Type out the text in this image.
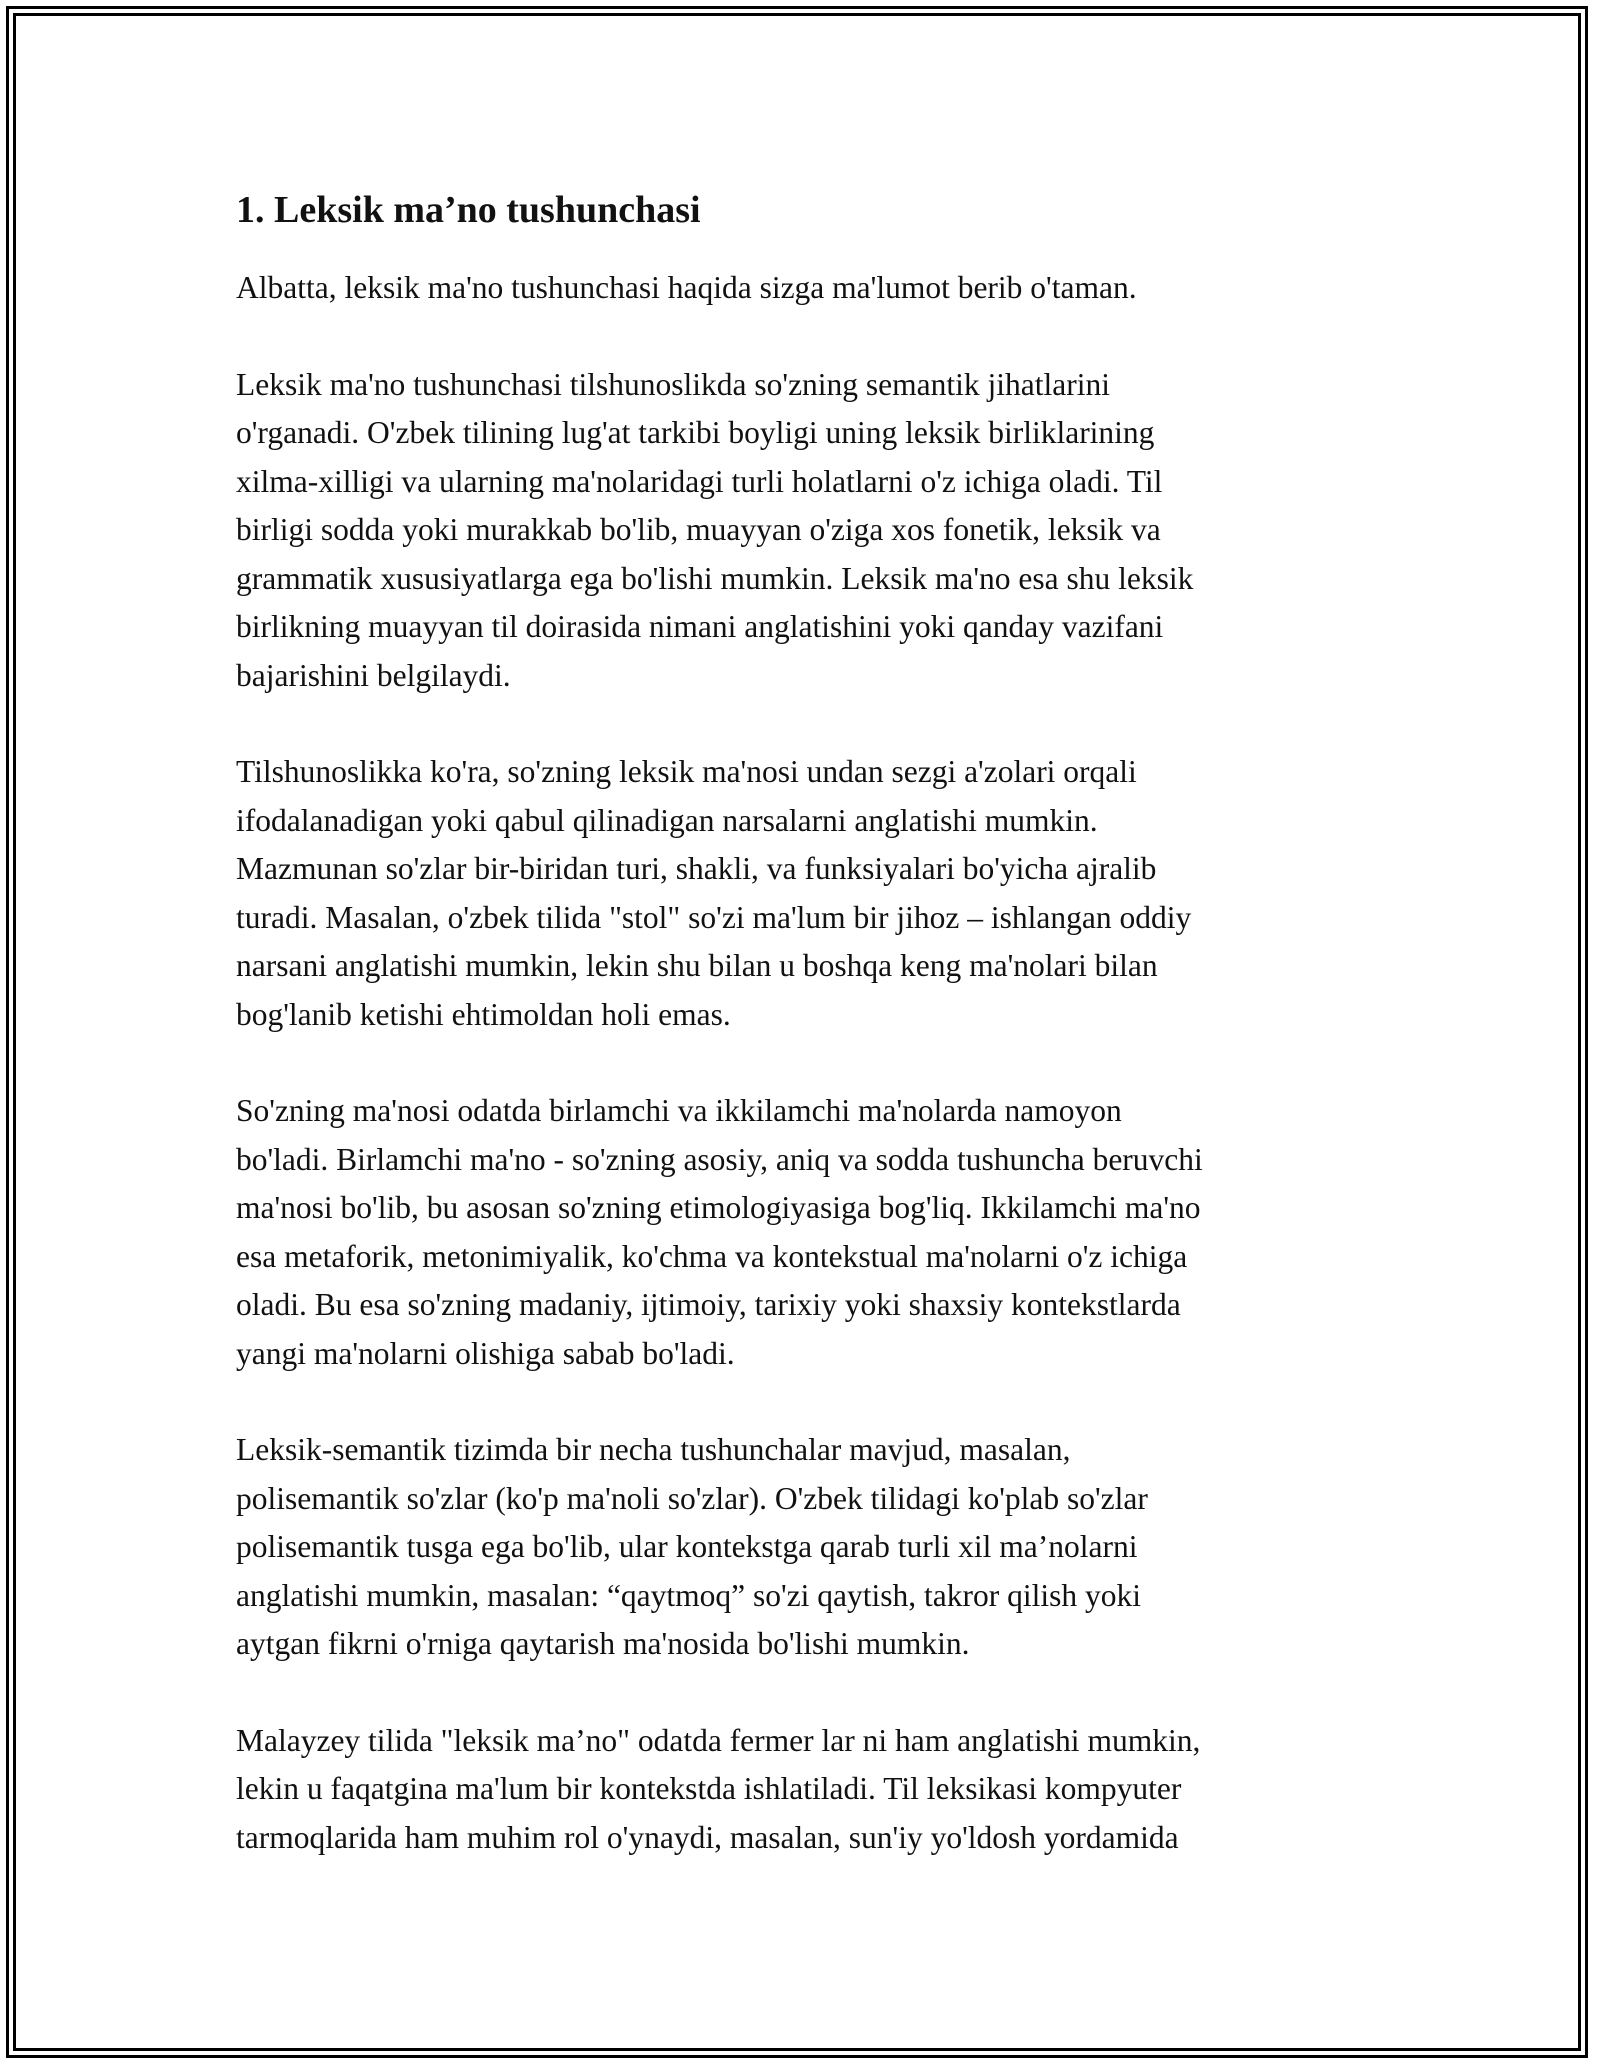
1. Leksik ma’no tushunchasi

Albatta, leksik ma'no tushunchasi haqida sizga ma'lumot berib o'taman.

Leksik ma'no tushunchasi tilshunoslikda so'zning semantik jihatlarini
o'rganadi. O'zbek tilining lug'at tarkibi boyligi uning leksik birliklarining
xilma-xilligi va ularning ma'nolaridagi turli holatlarni o'z ichiga oladi. Til
birligi sodda yoki murakkab bo'lib, muayyan o'ziga xos fonetik, leksik va
grammatik xususiyatlarga ega bo'lishi mumkin. Leksik ma'no esa shu leksik
birlikning muayyan til doirasida nimani anglatishini yoki qanday vazifani
bajarishini belgilaydi.

Tilshunoslikka ko'ra, so'zning leksik ma'nosi undan sezgi a'zolari orqali
ifodalanadigan yoki qabul qilinadigan narsalarni anglatishi mumkin.
Mazmunan so'zlar bir-biridan turi, shakli, va funksiyalari bo'yicha ajralib
turadi. Masalan, o'zbek tilida "stol" so'zi ma'lum bir jihoz – ishlangan oddiy
narsani anglatishi mumkin, lekin shu bilan u boshqa keng ma'nolari bilan
bog'lanib ketishi ehtimoldan holi emas.

So'zning ma'nosi odatda birlamchi va ikkilamchi ma'nolarda namoyon
bo'ladi. Birlamchi ma'no - so'zning asosiy, aniq va sodda tushuncha beruvchi
ma'nosi bo'lib, bu asosan so'zning etimologiyasiga bog'liq. Ikkilamchi ma'no
esa metaforik, metonimiyalik, ko'chma va kontekstual ma'nolarni o'z ichiga
oladi. Bu esa so'zning madaniy, ijtimoiy, tarixiy yoki shaxsiy kontekstlarda
yangi ma'nolarni olishiga sabab bo'ladi.

Leksik-semantik tizimda bir necha tushunchalar mavjud, masalan,
polisemantik so'zlar (ko'p ma'noli so'zlar). O'zbek tilidagi ko'plab so'zlar
polisemantik tusga ega bo'lib, ular kontekstga qarab turli xil ma’nolarni
anglatishi mumkin, masalan: “qaytmoq” so'zi qaytish, takror qilish yoki
aytgan fikrni o'rniga qaytarish ma'nosida bo'lishi mumkin.

Malayzey tilida "leksik ma’no" odatda fermer lar ni ham anglatishi mumkin,
lekin u faqatgina ma'lum bir kontekstda ishlatiladi. Til leksikasi kompyuter
tarmoqlarida ham muhim rol o'ynaydi, masalan, sun'iy yo'ldosh yordamida
